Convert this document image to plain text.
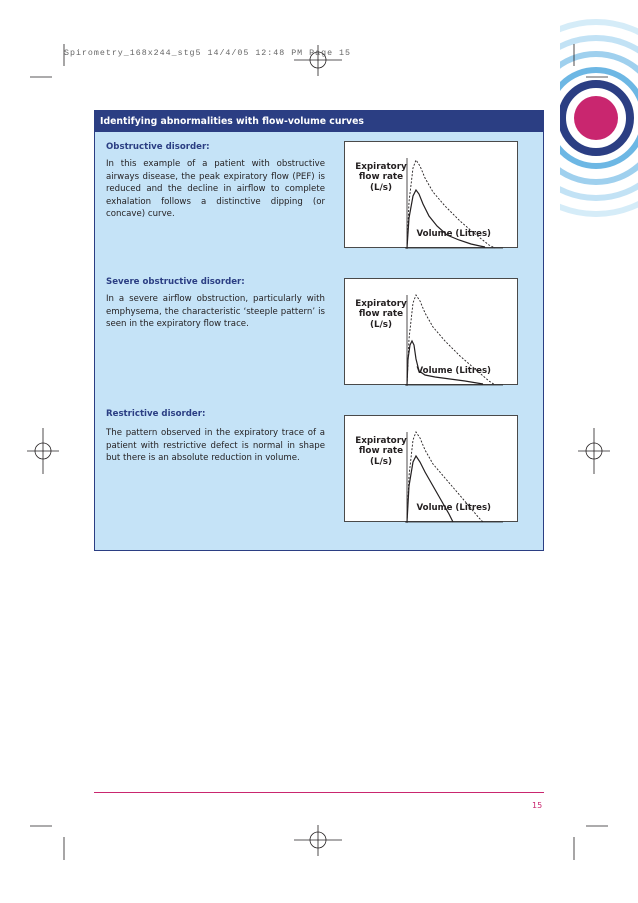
Spirometry_168x244_stg5 14/4/05 12:48 PM Page 15
Identifying abnormalities with flow-volume curves
Obstructive disorder:
In this example of a patient with obstructive airways disease, the peak expiratory flow (PEF) is reduced and the decline in airflow to complete exhalation follows a distinctive dipping (or concave) curve.
Expiratory
flow rate
(L/s)
Volume (Litres)
Severe obstructive disorder:
In a severe airflow obstruction, particularly with emphysema, the characteristic ‘steeple pattern’ is seen in the expiratory flow trace.
Expiratory
flow rate
(L/s)
Volume (Litres)
Restrictive disorder:
The pattern observed in the expiratory trace of a patient with restrictive defect is normal in shape but there is an absolute reduction in volume.
Expiratory
flow rate
(L/s)
Volume (Litres)
15
